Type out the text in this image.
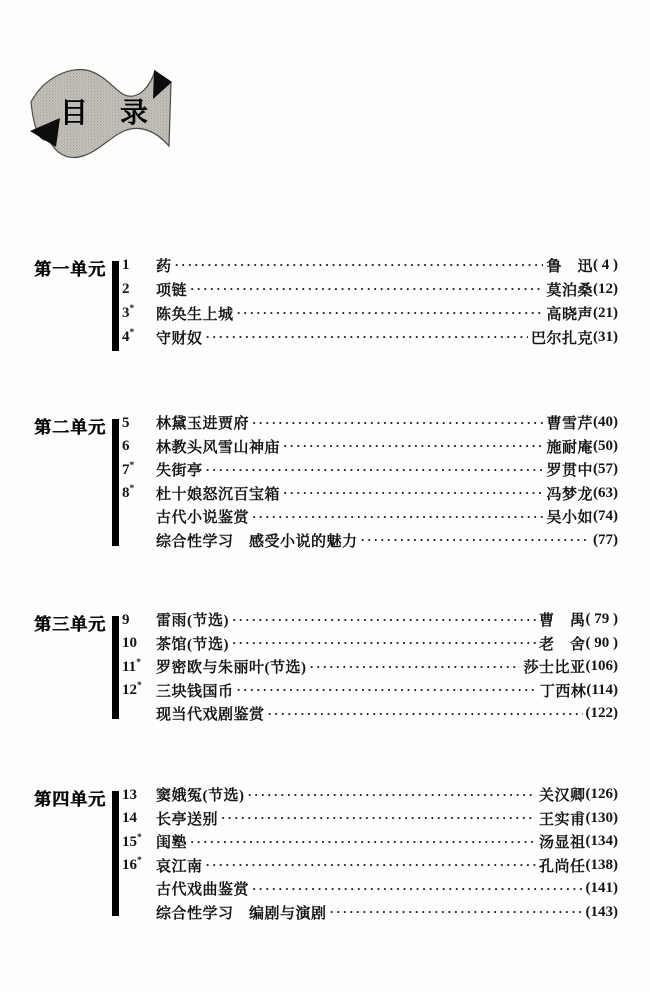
目　录
第一单元 1	药 ·····	鲁　迅 ( 4 )
2	项链 ·····	莫泊桑 (12)
3*	陈奂生上城 ·····	高晓声 (21)
4*	守财奴 ·····	巴尔扎克 (31)
第二单元 5	林黛玉进贾府 ·····	曹雪芹 (40)
6	林教头风雪山神庙 ·····	施耐庵 (50)
7*	失街亭 ·····	罗贯中 (57)
8*	杜十娘怒沉百宝箱 ·····	冯梦龙 (63)
古代小说鉴赏 ·····	吴小如 (74)
综合性学习　感受小说的魅力 ·····	(77)
第三单元 9	雷雨(节选) ·····	曹　禺 ( 79 )
10	茶馆(节选) ·····	老　舍 ( 90 )
11* 罗密欧与朱丽叶(节选) ·····	莎士比亚 (106)
12* 三块钱国币 ·····	丁西林 (114)
现当代戏剧鉴赏 ·····	(122)
第四单元 13	窦娥冤(节选) ·····	关汉卿 (126)
14	长亭送别 ·····	王实甫 (130)
15* 闺塾 ·····	汤显祖 (134)
16* 哀江南 ·····	孔尚任 (138)
古代戏曲鉴赏 ·····	(141)
综合性学习　编剧与演剧 ·····	(143)
